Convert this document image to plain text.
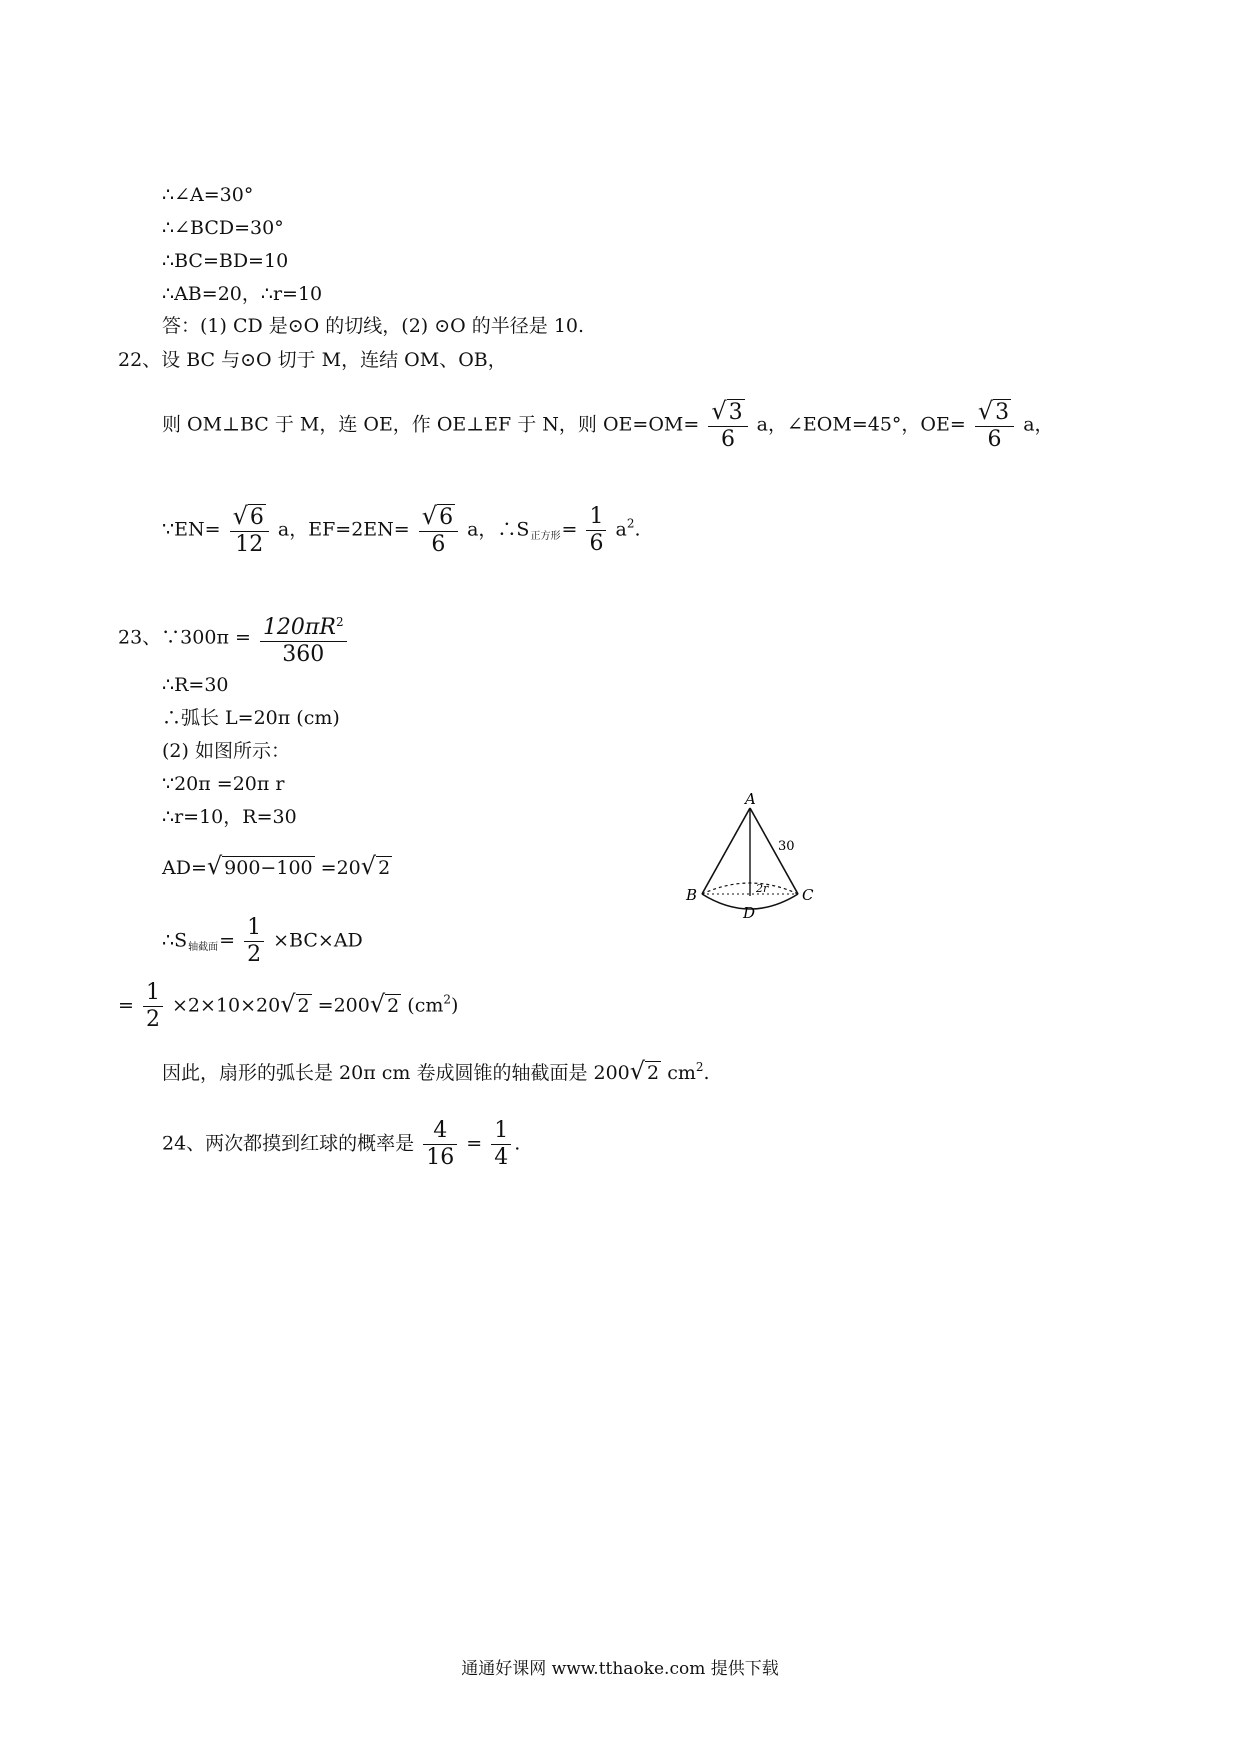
∴∠A=30°
∴∠BCD=30°
∴BC=BD=10
∴AB=20，∴r=10
答：(1) CD 是⊙O 的切线，(2) ⊙O 的半径是 10.
22、设 BC 与⊙O 切于 M，连结 OM、OB，
则 OM⊥BC 于 M，连 OE，作 OE⊥EF 于 N，则 $OE=OM= \frac{√3}{6}$ a，∠EOM=45°，$OE= \frac{√3}{6}$ a，
∵EN= $\frac{√6}{12}$ a，$EF=2EN= \frac{√6}{6}$ a，$\therefore S_{正方形}= \frac{1}{6} a^2$.
23、∵300π = $\frac{120\pi R^2}{360}$
∴R=30
∴弧长 L=20π (cm)
(2) 如图所示：
∵20π =20π r
∴r=10，R=30
AD=√ 900−100 =20√ 2
$\therefore S_{轴截面}= \frac{1}{2} \times BC\times AD$
= $\frac{1}{2} \times 2\times 10\times 20√$ 2 =200√ 2 $(cm^2)$
因此，扇形的弧长是 20π cm 卷成圆锥的轴截面是 200√ 2 $cm^2$.
A
B	C
D
30
2r
24、两次都摸到红球的概率是 $\frac{4}{16} = \frac{1}{4}$ .
通通好课网 www.tthaoke.com 提供下载
